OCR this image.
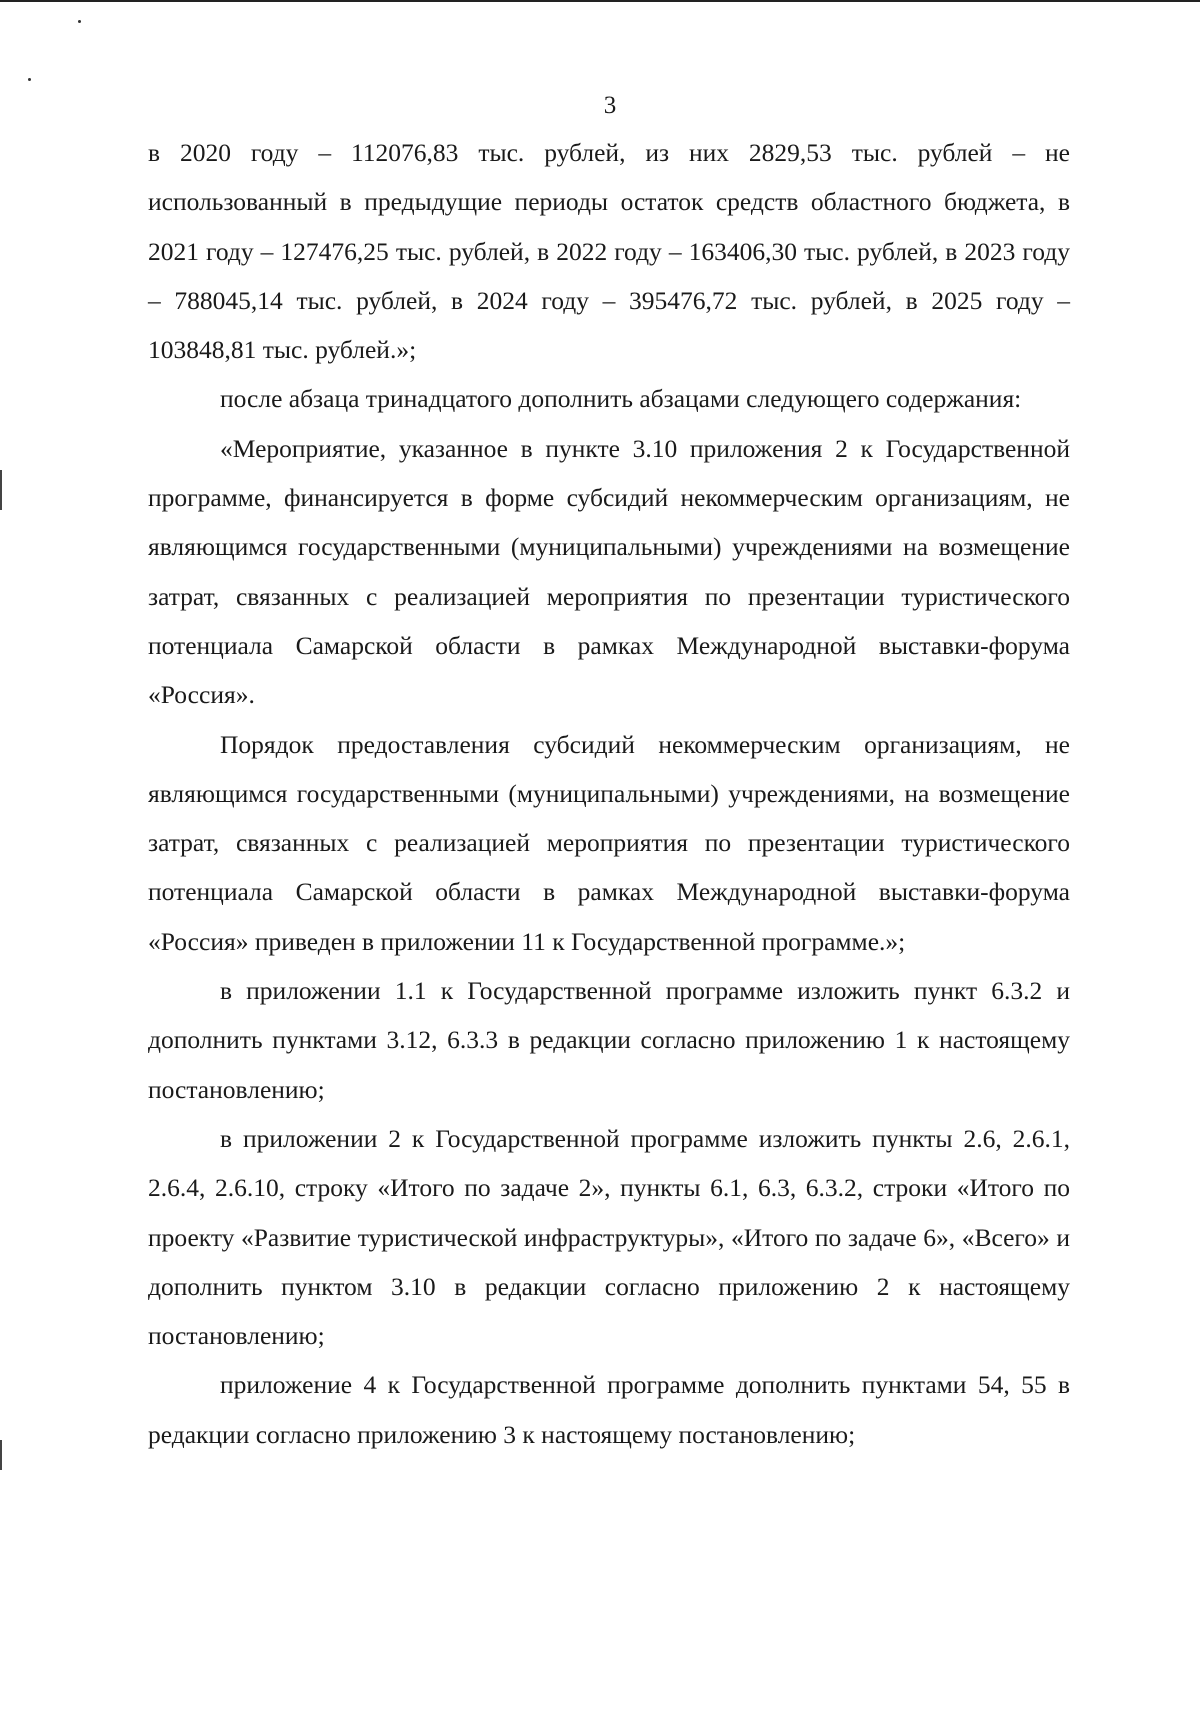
3

в 2020 году – 112076,83 тыс. рублей, из них 2829,53 тыс. рублей – не использованный в предыдущие периоды остаток средств областного бюджета, в 2021 году – 127476,25 тыс. рублей, в 2022 году – 163406,30 тыс. рублей, в 2023 году – 788045,14 тыс. рублей, в 2024 году – 395476,72 тыс. рублей, в 2025 году – 103848,81 тыс. рублей.»;

после абзаца тринадцатого дополнить абзацами следующего содержания:

«Мероприятие, указанное в пункте 3.10 приложения 2 к Государственной программе, финансируется в форме субсидий некоммерческим организациям, не являющимся государственными (муниципальными) учреждениями на возмещение затрат, связанных с реализацией мероприятия по презентации туристического потенциала Самарской области в рамках Международной выставки-форума «Россия».

Порядок предоставления субсидий некоммерческим организациям, не являющимся государственными (муниципальными) учреждениями, на возмещение затрат, связанных с реализацией мероприятия по презентации туристического потенциала Самарской области в рамках Международной выставки-форума «Россия» приведен в приложении 11 к Государственной программе.»;

в приложении 1.1 к Государственной программе изложить пункт 6.3.2 и дополнить пунктами 3.12, 6.3.3 в редакции согласно приложению 1 к настоящему постановлению;

в приложении 2 к Государственной программе изложить пункты 2.6, 2.6.1, 2.6.4, 2.6.10, строку «Итого по задаче 2», пункты 6.1, 6.3, 6.3.2, строки «Итого по проекту «Развитие туристической инфраструктуры», «Итого по задаче 6», «Всего» и дополнить пунктом 3.10 в редакции согласно приложению 2 к настоящему постановлению;

приложение 4 к Государственной программе дополнить пунктами 54, 55 в редакции согласно приложению 3 к настоящему постановлению;
